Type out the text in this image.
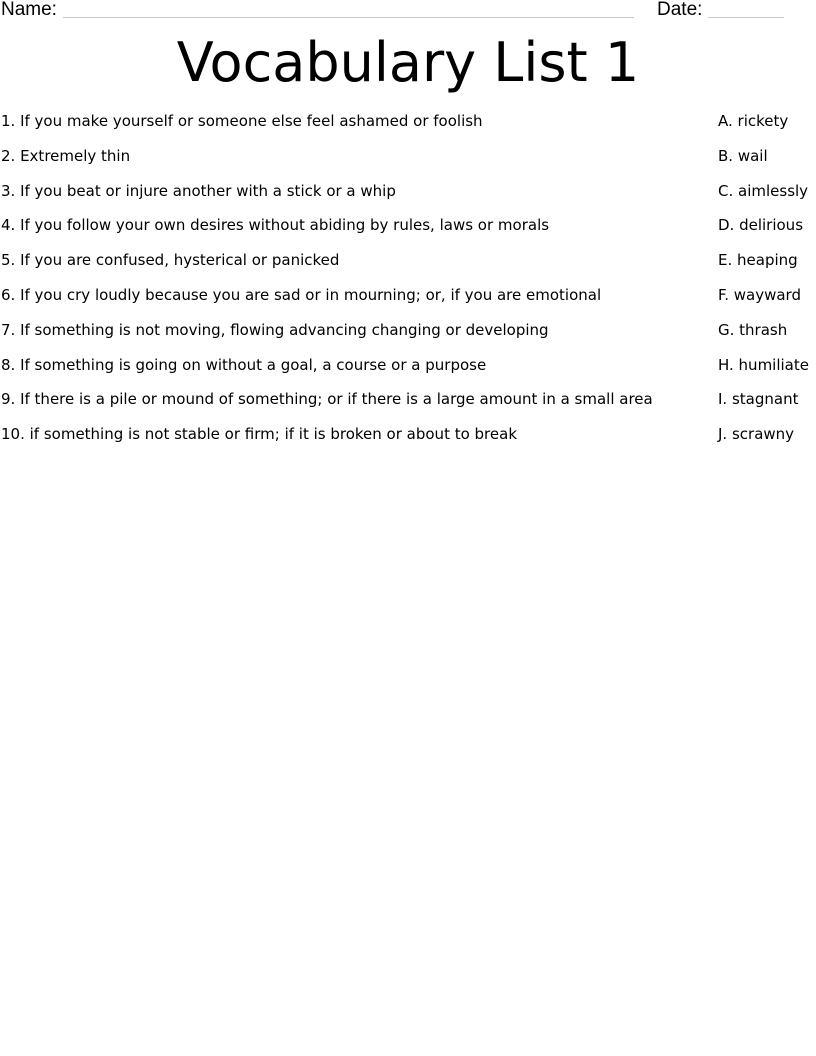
Name:	Date:
Vocabulary List 1
1. If you make yourself or someone else feel ashamed or foolish	A. rickety
2. Extremely thin	B. wail
3. If you beat or injure another with a stick or a whip	C. aimlessly
4. If you follow your own desires without abiding by rules, laws or morals	D. delirious
5. If you are confused, hysterical or panicked	E. heaping
6. If you cry loudly because you are sad or in mourning; or, if you are emotional	F. wayward
7. If something is not moving, flowing advancing changing or developing	G. thrash
8. If something is going on without a goal, a course or a purpose	H. humiliate
9. If there is a pile or mound of something; or if there is a large amount in a small area	I. stagnant
10. if something is not stable or firm; if it is broken or about to break	J. scrawny
